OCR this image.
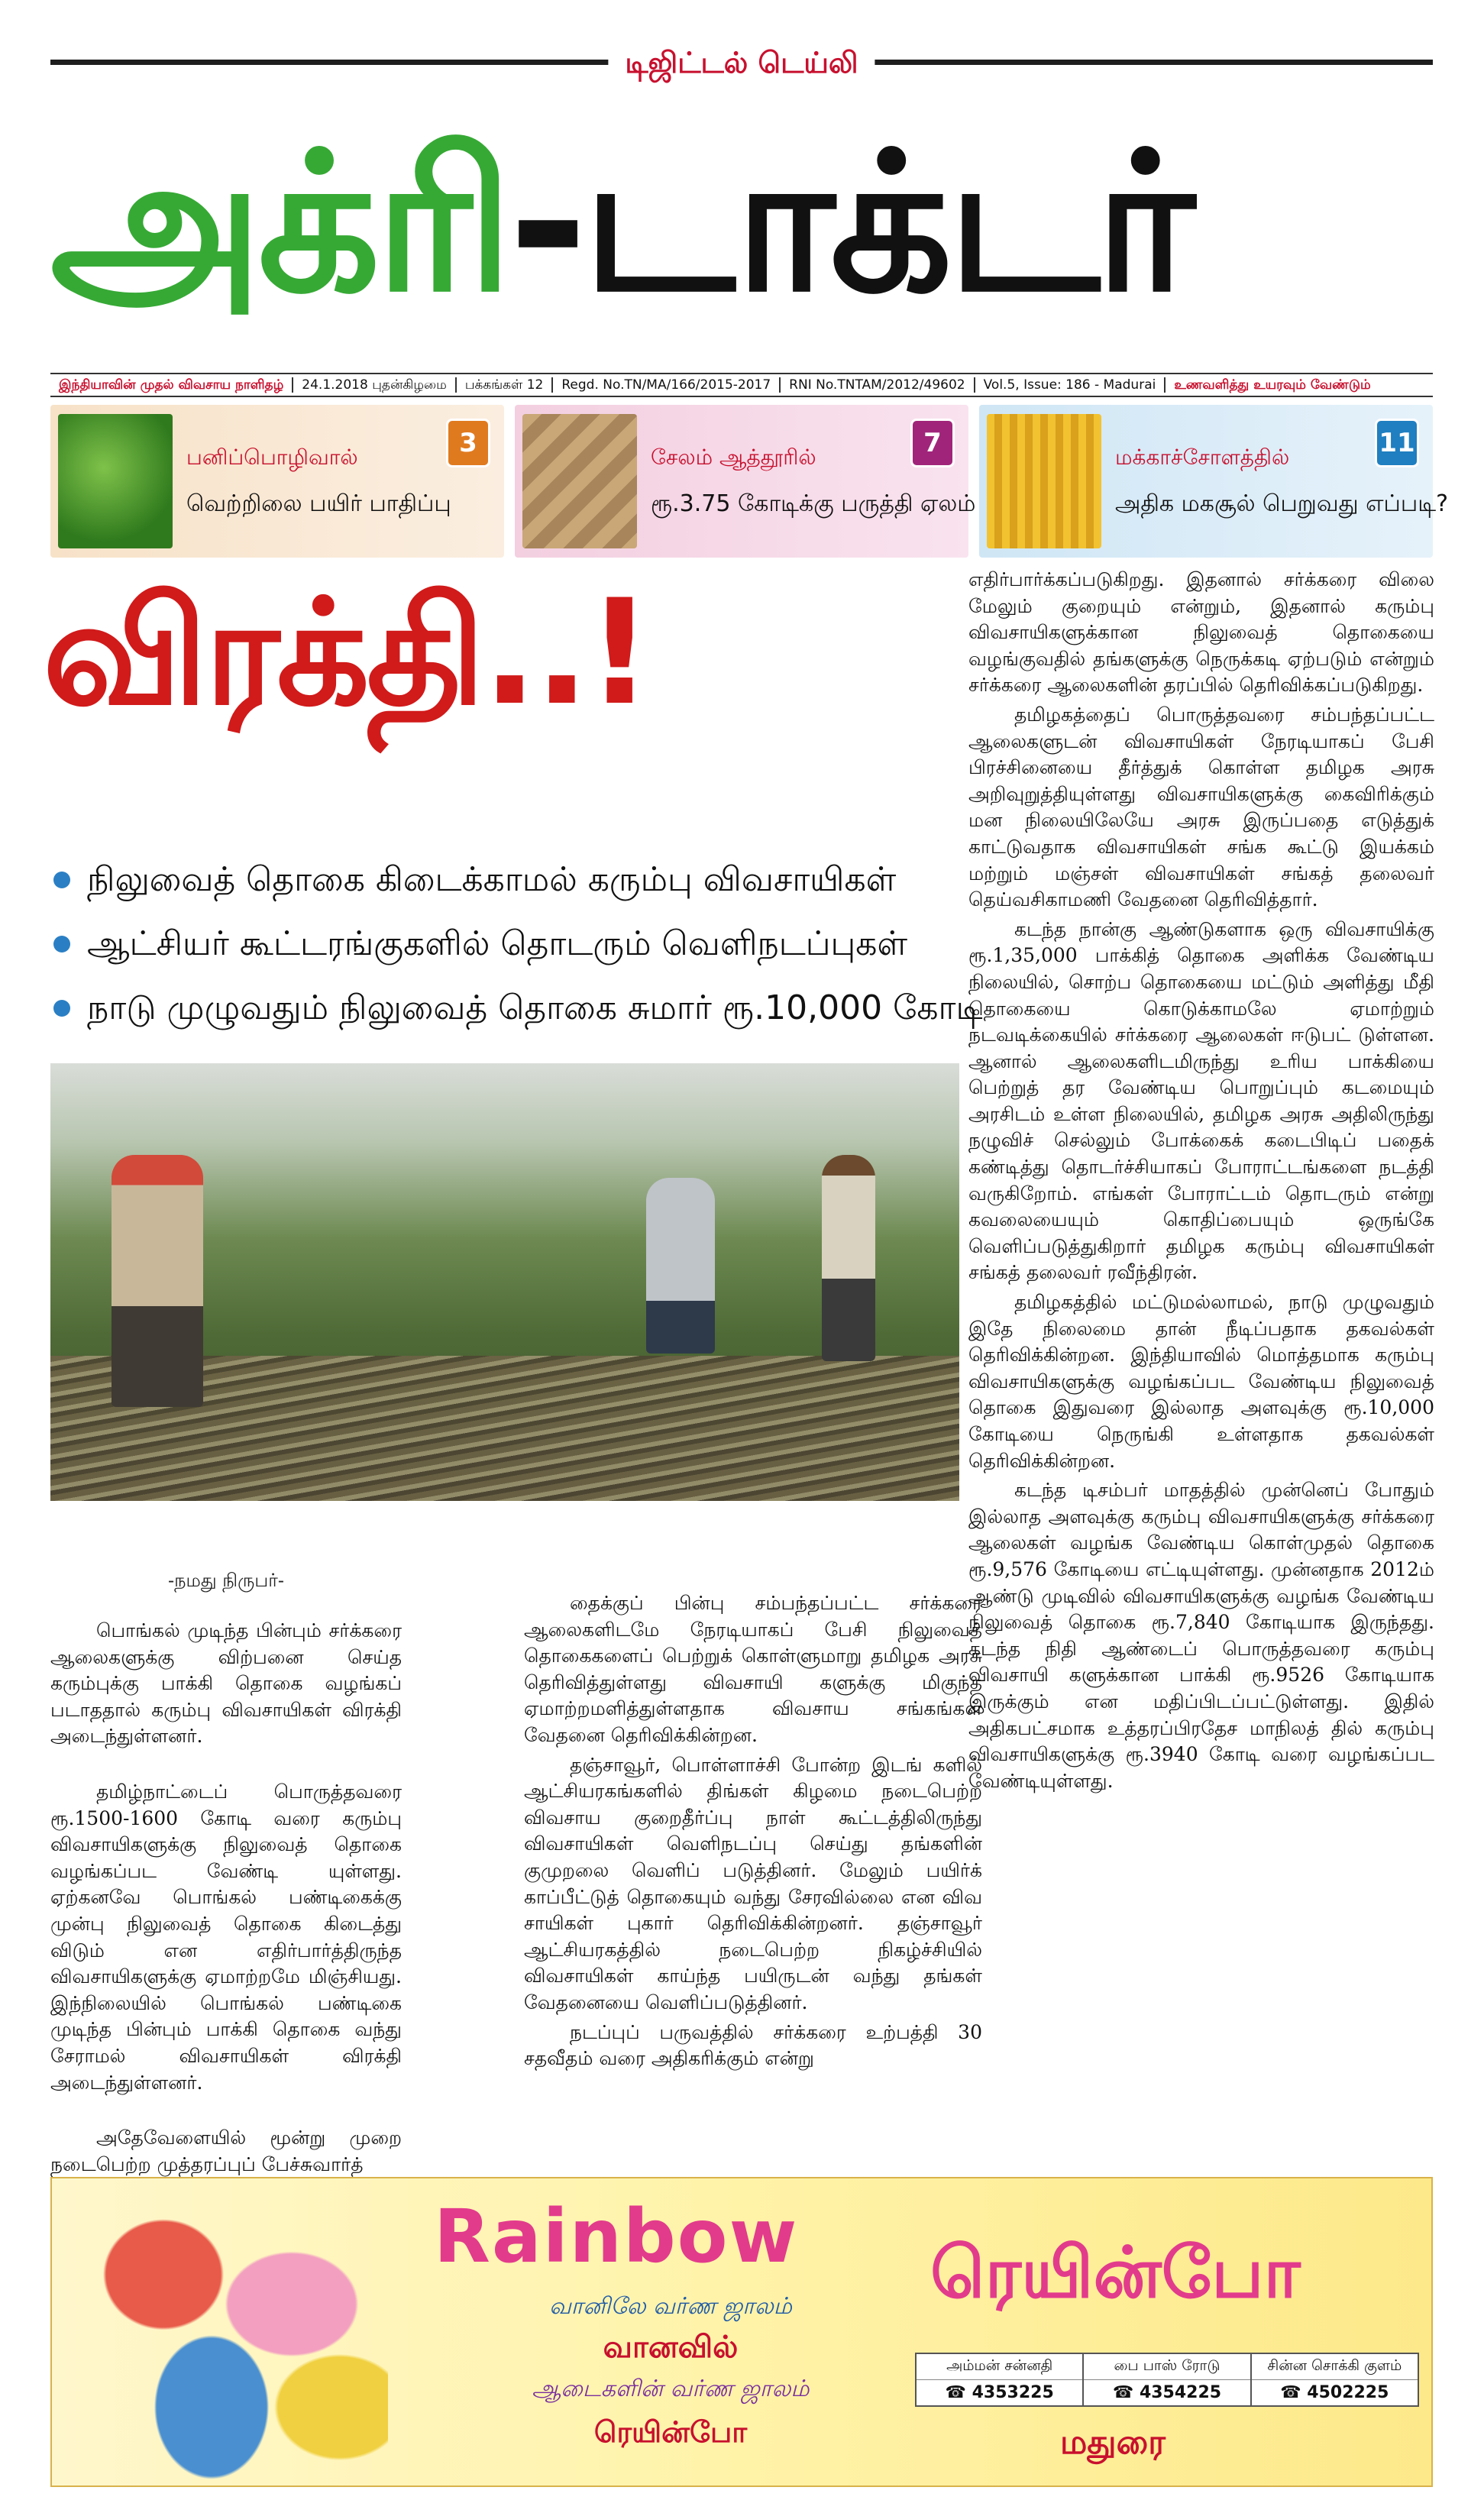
டிஜிட்டல் டெய்லி
அக்ரி - டாக்டர்
இந்தியாவின் முதல் விவசாய நாளிதழ்	24.1.2018 புதன்கிழமை	பக்கங்கள் 12	Regd. No.TN/MA/166/2015-2017	RNI No.TNTAM/2012/49602	Vol.5, Issue: 186 - Madurai	உணவளித்து உயரவும் வேண்டும்
பனிப்பொழிவால்
வெற்றிலை பயிர் பாதிப்பு
3	சேலம் ஆத்தூரில்
ரூ.3.75 கோடிக்கு பருத்தி ஏலம்
7	மக்காச்சோளத்தில்
அதிக மகசூல் பெறுவது எப்படி?
11
விரக்தி..!
நிலுவைத் தொகை கிடைக்காமல் கரும்பு விவசாயிகள்
ஆட்சியர் கூட்டரங்குகளில் தொடரும் வெளிநடப்புகள்
நாடு முழுவதும் நிலுவைத் தொகை சுமார் ரூ.10,000 கோடி
-நமது நிருபர்-

பொங்கல் முடிந்த பின்பும் சர்க்கரை ஆலைகளுக்கு விற்பனை செய்த கரும்புக்கு பாக்கி தொகை வழங்கப் படாததால் கரும்பு விவசாயிகள் விரக்தி அடைந்துள்ளனர்.

தமிழ்நாட்டைப் பொருத்தவரை ரூ.1500-1600 கோடி வரை கரும்பு விவசாயிகளுக்கு நிலுவைத் தொகை வழங்கப்பட வேண்டி யுள்ளது. ஏற்கனவே பொங்கல் பண்டிகைக்கு முன்பு நிலுவைத் தொகை கிடைத்து விடும் என எதிர்பார்த்திருந்த விவசாயிகளுக்கு ஏமாற்றமே மிஞ்சியது. இந்நிலையில் பொங்கல் பண்டிகை முடிந்த பின்பும் பாக்கி தொகை வந்து சேராமல் விவசாயிகள் விரக்தி அடைந்துள்ளனர்.

அதேவேளையில் மூன்று முறை நடைபெற்ற முத்தரப்புப் பேச்சுவார்த்

தைக்குப் பின்பு சம்பந்தப்பட்ட சர்க்கரை ஆலைகளிடமே நேரடியாகப் பேசி நிலுவைத் தொகைகளைப் பெற்றுக் கொள்ளுமாறு தமிழக அரசு தெரிவித்துள்ளது விவசாயி களுக்கு மிகுந்த ஏமாற்றமளித்துள்ளதாக விவசாய சங்கங்கள் வேதனை தெரிவிக்கின்றன.

தஞ்சாவூர், பொள்ளாச்சி போன்ற இடங் களில் ஆட்சியரகங்களில் திங்கள் கிழமை நடைபெற்ற விவசாய குறைதீர்ப்பு நாள் கூட்டத்திலிருந்து விவசாயிகள் வெளிநடப்பு செய்து தங்களின் குமுறலை வெளிப் படுத்தினர். மேலும் பயிர்க் காப்பீட்டுத் தொகையும் வந்து சேரவில்லை என விவ சாயிகள் புகார் தெரிவிக்கின்றனர். தஞ்சாவூர் ஆட்சியரகத்தில் நடைபெற்ற நிகழ்ச்சியில் விவசாயிகள் காய்ந்த பயிருடன் வந்து தங்கள் வேதனையை வெளிப்படுத்தினர்.

நடப்புப் பருவத்தில் சர்க்கரை உற்பத்தி 30 சதவீதம் வரை அதிகரிக்கும் என்று

எதிர்பார்க்கப்படுகிறது. இதனால் சர்க்கரை விலை மேலும் குறையும் என்றும், இதனால் கரும்பு விவசாயிகளுக்கான நிலுவைத் தொகையை வழங்குவதில் தங்களுக்கு நெருக்கடி ஏற்படும் என்றும் சர்க்கரை ஆலைகளின் தரப்பில் தெரிவிக்கப்படுகிறது.

தமிழகத்தைப் பொருத்தவரை சம்பந்தப்பட்ட ஆலைகளுடன் விவசாயிகள் நேரடியாகப் பேசி பிரச்சினையை தீர்த்துக் கொள்ள தமிழக அரசு அறிவுறுத்தியுள்ளது விவசாயிகளுக்கு கைவிரிக்கும் மன நிலையிலேயே அரசு இருப்பதை எடுத்துக் காட்டுவதாக விவசாயிகள் சங்க கூட்டு இயக்கம் மற்றும் மஞ்சள் விவசாயிகள் சங்கத் தலைவர் தெய்வசிகாமணி வேதனை தெரிவித்தார்.

கடந்த நான்கு ஆண்டுகளாக ஒரு விவசாயிக்கு ரூ.1,35,000 பாக்கித் தொகை அளிக்க வேண்டிய நிலையில், சொற்ப தொகையை மட்டும் அளித்து மீதி தொகையை கொடுக்காமலே ஏமாற்றும் நடவடிக்கையில் சர்க்கரை ஆலைகள் ஈடுபட் டுள்ளன. ஆனால் ஆலைகளிடமிருந்து உரிய பாக்கியை பெற்றுத் தர வேண்டிய பொறுப்பும் கடமையும் அரசிடம் உள்ள நிலையில், தமிழக அரசு அதிலிருந்து நழுவிச் செல்லும் போக்கைக் கடைபிடிப் பதைக் கண்டித்து தொடர்ச்சியாகப் போராட்டங்களை நடத்தி வருகிறோம். எங்கள் போராட்டம் தொடரும் என்று கவலையையும் கொதிப்பையும் ஒருங்கே வெளிப்படுத்துகிறார் தமிழக கரும்பு விவசாயிகள் சங்கத் தலைவர் ரவீந்திரன்.

தமிழகத்தில் மட்டுமல்லாமல், நாடு முழுவதும் இதே நிலைமை தான் நீடிப்பதாக தகவல்கள் தெரிவிக்கின்றன. இந்தியாவில் மொத்தமாக கரும்பு விவசாயிகளுக்கு வழங்கப்பட வேண்டிய நிலுவைத் தொகை இதுவரை இல்லாத அளவுக்கு ரூ.10,000 கோடியை நெருங்கி உள்ளதாக தகவல்கள் தெரிவிக்கின்றன.

கடந்த டிசம்பர் மாதத்தில் முன்னெப் போதும் இல்லாத அளவுக்கு கரும்பு விவசாயிகளுக்கு சர்க்கரை ஆலைகள் வழங்க வேண்டிய கொள்முதல் தொகை ரூ.9,576 கோடியை எட்டியுள்ளது. முன்னதாக 2012ம் ஆண்டு முடிவில் விவசாயிகளுக்கு வழங்க வேண்டிய நிலுவைத் தொகை ரூ.7,840 கோடியாக இருந்தது. கடந்த நிதி ஆண்டைப் பொருத்தவரை கரும்பு விவசாயி களுக்கான பாக்கி ரூ.9526 கோடியாக இருக்கும் என மதிப்பிடப்பட்டுள்ளது. இதில் அதிகபட்சமாக உத்தரப்பிரதேச மாநிலத் தில் கரும்பு விவசாயிகளுக்கு ரூ.3940 கோடி வரை வழங்கப்பட வேண்டியுள்ளது.

Rainbow
வானிலே வர்ண ஜாலம்
வானவில்
ஆடைகளின் வர்ண ஜாலம்
ரெயின்போ
ரெயின்போ
அம்மன் சன்னதி
☎ 4353225
பை பாஸ் ரோடு
☎ 4354225
சின்ன சொக்கி குளம்
☎ 4502225
மதுரை
